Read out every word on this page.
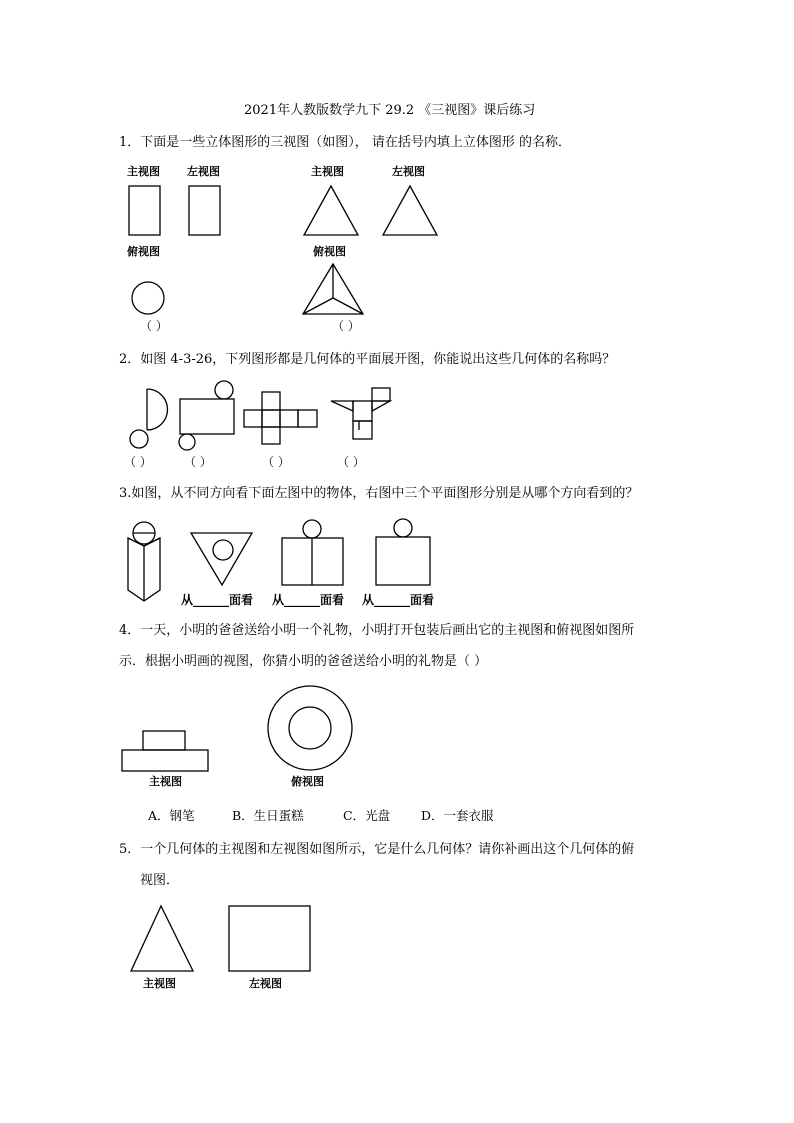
2021年人教版数学九下 29.2 《三视图》课后练习
1．下面是一些立体图形的三视图（如图）， 请在括号内填上立体图形 的名称．
主视图 左视图
俯视图
主视图	左视图
俯视图
（ ）	（ ）
2．如图 4-3-26，下列图形都是几何体的平面展开图，你能说出这些几何体的名称吗？
（ ）	（ ）	（ ）	（ ）
3.如图，从不同方向看下面左图中的物体，右图中三个平面图形分别是从哪个方向看到的？
从______面看 从______面看 从______面看
4．一天，小明的爸爸送给小明一个礼物，小明打开包装后画出它的主视图和俯视图如图所
示．根据小明画的视图，你猜小明的爸爸送给小明的礼物是（ ）
主视图	俯视图
A．钢笔	B．生日蛋糕	C．光盘 D．一套衣服
5．一个几何体的主视图和左视图如图所示，它是什么几何体？请你补画出这个几何体的俯
视图．
主视图	左视图
